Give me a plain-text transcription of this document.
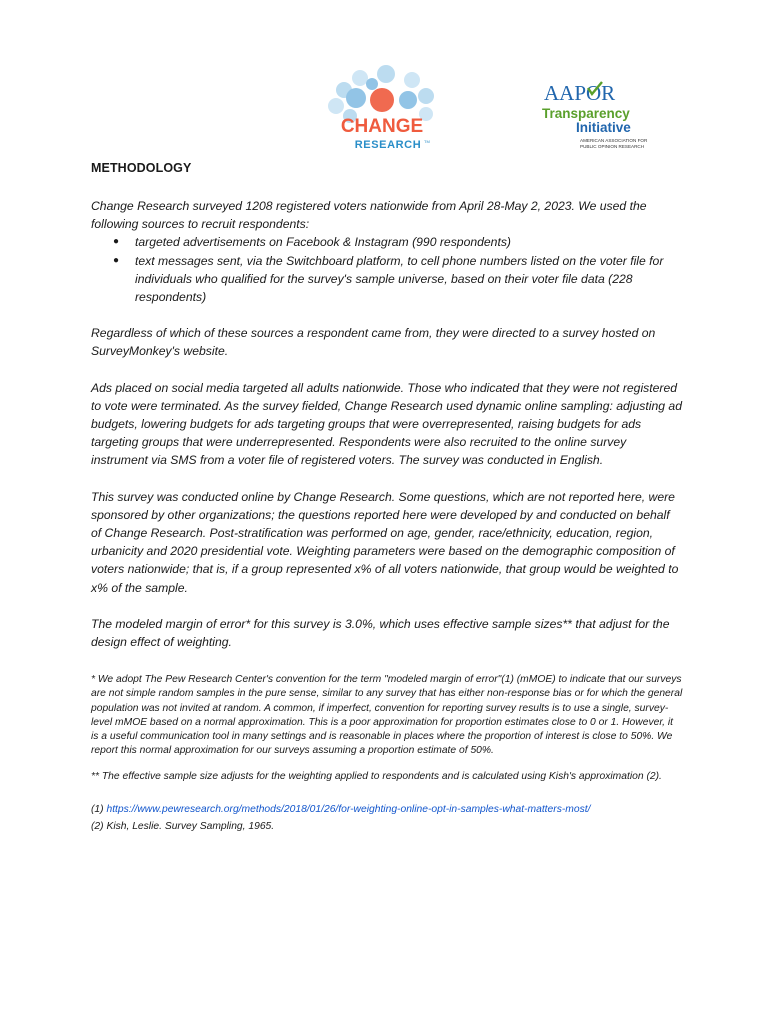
CHANGE
RESEARCH TM
AAPOR
Transparency
Initiative
AMERICAN ASSOCIATION FOR
PUBLIC OPINION RESEARCH
METHODOLOGY

Change Research surveyed 1208 registered voters nationwide from April 28-May 2, 2023. We used the following sources to recruit respondents:

● targeted advertisements on Facebook & Instagram (990 respondents)
● text messages sent, via the Switchboard platform, to cell phone numbers listed on the voter file for individuals who qualified for the survey's sample universe, based on their voter file data (228 respondents)

Regardless of which of these sources a respondent came from, they were directed to a survey hosted on SurveyMonkey's website.

Ads placed on social media targeted all adults nationwide. Those who indicated that they were not registered to vote were terminated. As the survey fielded, Change Research used dynamic online sampling: adjusting ad budgets, lowering budgets for ads targeting groups that were overrepresented, raising budgets for ads targeting groups that were underrepresented. Respondents were also recruited to the online survey instrument via SMS from a voter file of registered voters. The survey was conducted in English.

This survey was conducted online by Change Research. Some questions, which are not reported here, were sponsored by other organizations; the questions reported here were developed by and conducted on behalf of Change Research. Post-stratification was performed on age, gender, race/ethnicity, education, region, urbanicity and 2020 presidential vote. Weighting parameters were based on the demographic composition of voters nationwide; that is, if a group represented x% of all voters nationwide, that group would be weighted to x% of the sample.

The modeled margin of error* for this survey is 3.0%, which uses effective sample sizes** that adjust for the design effect of weighting.

* We adopt The Pew Research Center's convention for the term "modeled margin of error"(1) (mMOE) to indicate that our surveys are not simple random samples in the pure sense, similar to any survey that has either non-response bias or for which the general population was not invited at random. A common, if imperfect, convention for reporting survey results is to use a single, survey-level mMOE based on a normal approximation. This is a poor approximation for proportion estimates close to 0 or 1. However, it is a useful communication tool in many settings and is reasonable in places where the proportion of interest is close to 50%. We report this normal approximation for our surveys assuming a proportion estimate of 50%.

** The effective sample size adjusts for the weighting applied to respondents and is calculated using Kish's approximation (2).

(1) https://www.pewresearch.org/methods/2018/01/26/for-weighting-online-opt-in-samples-what-matters-most/

(2) Kish, Leslie. Survey Sampling, 1965.
